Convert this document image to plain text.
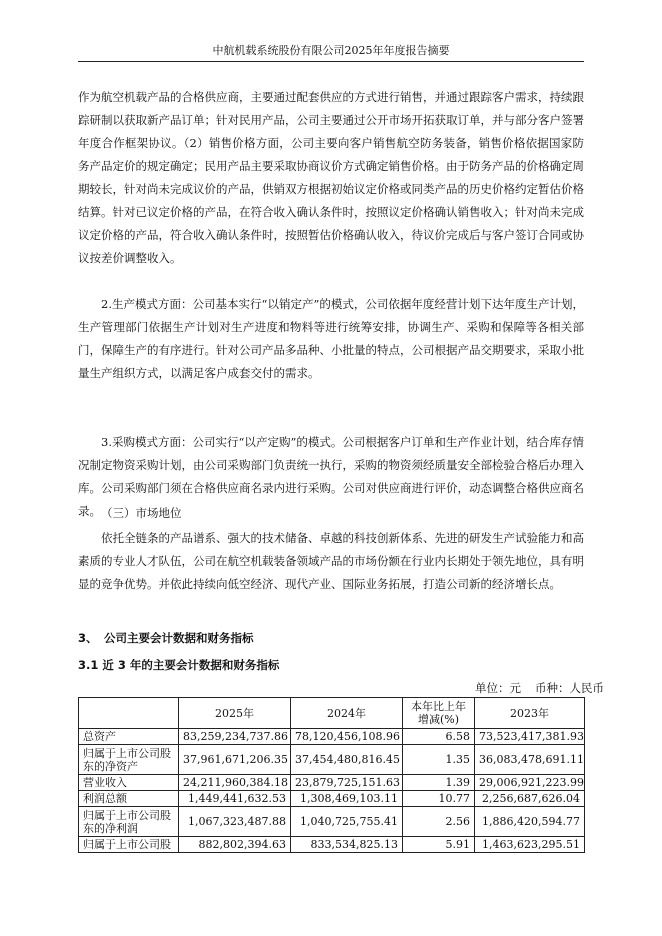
中航机载系统股份有限公司2025年年度报告摘要

作为航空机载产品的合格供应商，主要通过配套供应的方式进行销售，并通过跟踪客户需求，持续跟踪研制以获取新产品订单；针对民用产品，公司主要通过公开市场开拓获取订单，并与部分客户签署年度合作框架协议。（2）销售价格方面，公司主要向客户销售航空防务装备，销售价格依据国家防务产品定价的规定确定；民用产品主要采取协商议价方式确定销售价格。由于防务产品的价格确定周期较长，针对尚未完成议价的产品，供销双方根据初始议定价格或同类产品的历史价格约定暂估价格结算。针对已议定价格的产品，在符合收入确认条件时，按照议定价格确认销售收入；针对尚未完成议定价格的产品，符合收入确认条件时，按照暂估价格确认收入，待议价完成后与客户签订合同或协议按差价调整收入。

2.生产模式方面：公司基本实行“以销定产”的模式，公司依据年度经营计划下达年度生产计划，生产管理部门依据生产计划对生产进度和物料等进行统筹安排，协调生产、采购和保障等各相关部门，保障生产的有序进行。针对公司产品多品种、小批量的特点，公司根据产品交期要求，采取小批量生产组织方式，以满足客户成套交付的需求。

3.采购模式方面：公司实行“以产定购”的模式。公司根据客户订单和生产作业计划，结合库存情况制定物资采购计划，由公司采购部门负责统一执行，采购的物资须经质量安全部检验合格后办理入库。公司采购部门须在合格供应商名录内进行采购。公司对供应商进行评价，动态调整合格供应商名录。 （三）市场地位

依托全链条的产品谱系、强大的技术储备、卓越的科技创新体系、先进的研发生产试验能力和高素质的专业人才队伍，公司在航空机载装备领域产品的市场份额在行业内长期处于领先地位，具有明显的竞争优势。并依此持续向低空经济、现代产业、国际业务拓展，打造公司新的经济增长点。

3、 公司主要会计数据和财务指标
3.1 近 3 年的主要会计数据和财务指标
单位：元 币种：人民币
	2025年	2024年	本年比上年增减(%)	2023年
总资产	83,259,234,737.86	78,120,456,108.96	6.58	73,523,417,381.93
归属于上市公司股东的净资产	37,961,671,206.35	37,454,480,816.45	1.35	36,083,478,691.11
营业收入	24,211,960,384.18	23,879,725,151.63	1.39	29,006,921,223.99
利润总额	1,449,441,632.53	1,308,469,103.11	10.77	2,256,687,626.04
归属于上市公司股东的净利润	1,067,323,487.88	1,040,725,755.41	2.56	1,886,420,594.77
归属于上市公司股	882,802,394.63	833,534,825.13	5.91	1,463,623,295.51
